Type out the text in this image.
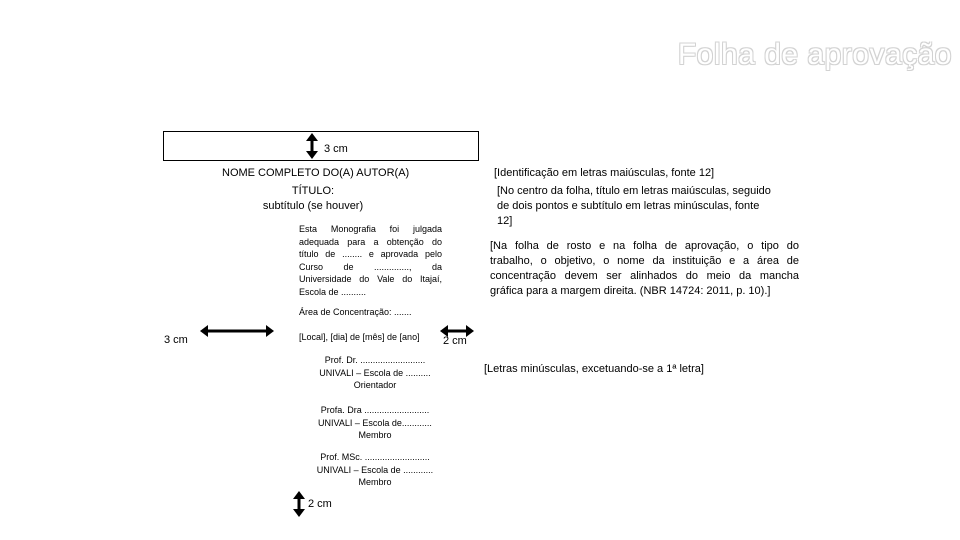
Folha de aprovação
3 cm
NOME COMPLETO DO(A) AUTOR(A)
TÍTULO:
subtítulo (se houver)
Esta Monografia foi julgada
adequada para a obtenção do
título de ........ e aprovada pelo
Curso de .............., da
Universidade do Vale do Itajaí,
Escola de ..........
Área de Concentração: .......
3 cm	[Local], [dia] de [mês] de [ano] 2 cm
Prof. Dr. ..........................
UNIVALI – Escola de ..........
Orientador
Profa. Dra ..........................
UNIVALI – Escola de............
Membro
Prof. MSc. ..........................
UNIVALI – Escola de ............
Membro
2 cm
[Identificação em letras maiúsculas, fonte 12]
[No centro da folha, título em letras maiúsculas, seguido
de dois pontos e subtítulo em letras minúsculas, fonte
12]
[Na folha de rosto e na folha de aprovação, o tipo do
trabalho, o objetivo, o nome da instituição e a área de
concentração devem ser alinhados do meio da mancha
gráfica para a margem direita. (NBR 14724: 2011, p. 10).]
[Letras minúsculas, excetuando-se a 1ª letra]
